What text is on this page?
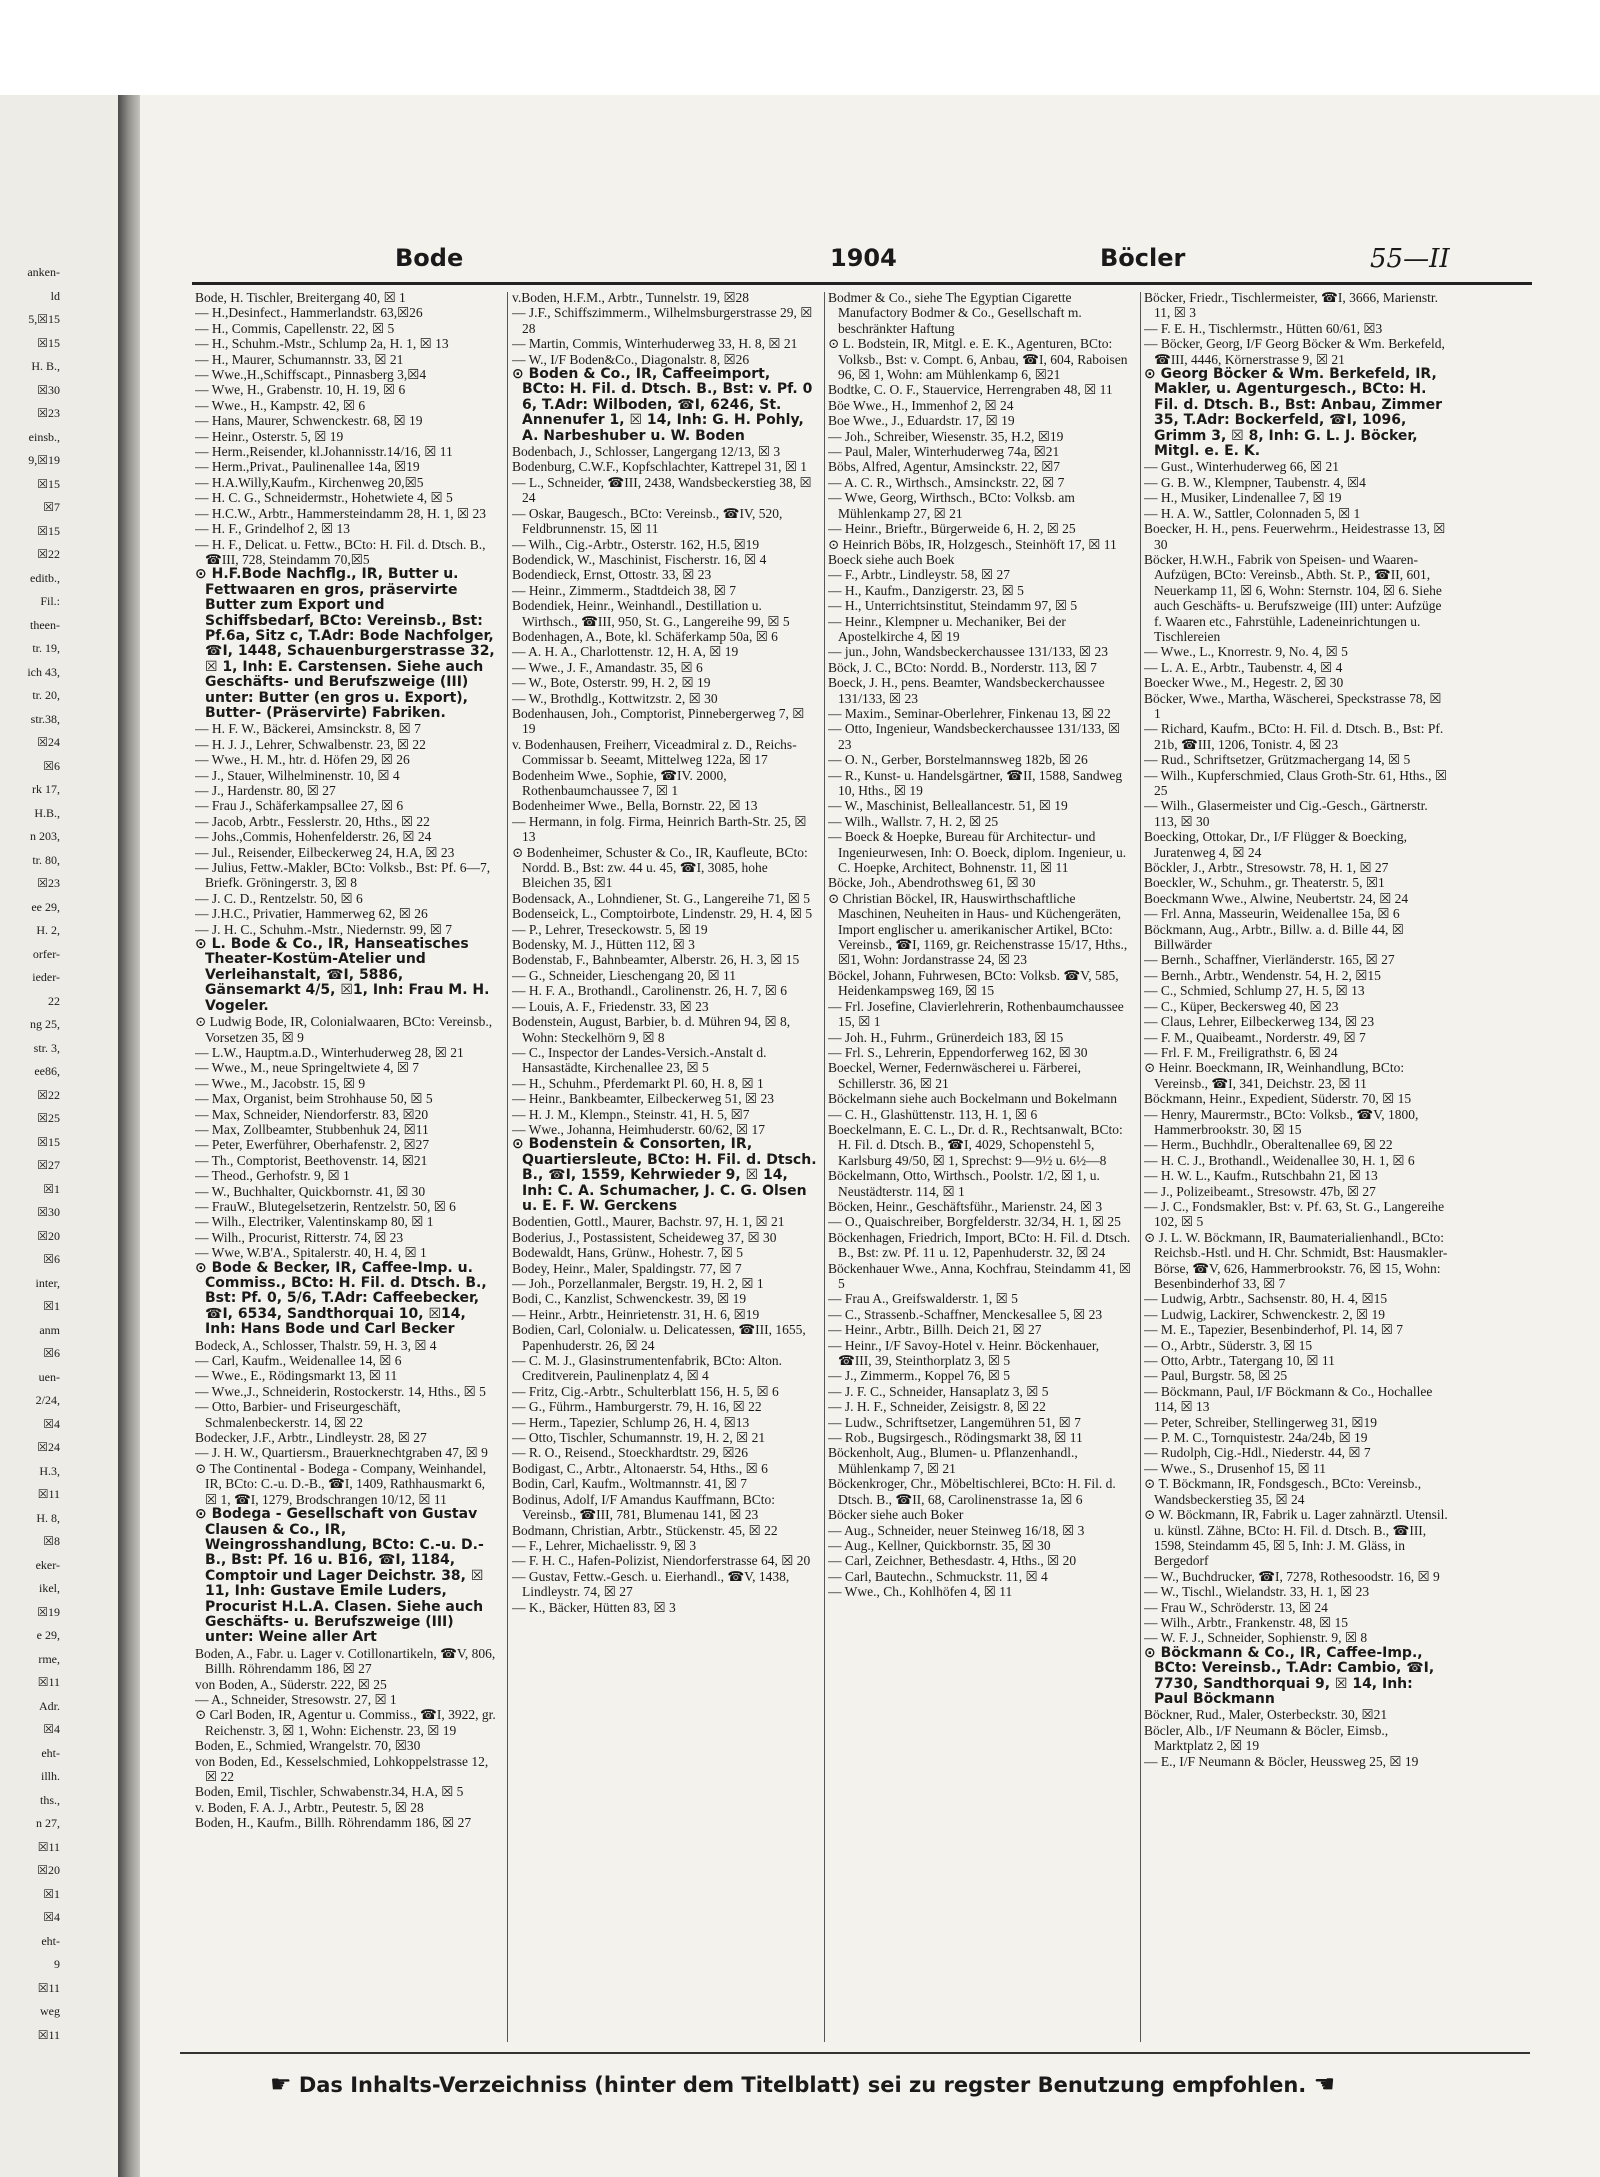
anken-
ld
5,☒15
☒15
H. B.,
☒30
☒23
einsb.,
9,☒19
☒15
☒7
☒15
☒22
editb.,
Fil.:
theen-
tr. 19,
ich 43,
tr. 20,
str.38,
☒24
☒6
rk 17,
H.B.,
n 203,
tr. 80,
☒23
ee 29,
H. 2,
orfer-
ieder-
22
ng 25,
str. 3,
ee86,
☒22
☒25
☒15
☒27
☒1
☒30
☒20
☒6
inter,
☒1
anm
☒6
uen-
2/24,
☒4
☒24
H.3,
☒11
H. 8,
☒8
eker-
ikel,
☒19
e 29,
rme,
☒11
Adr.
☒4
eht-
illh.
ths.,
n 27,
☒11
☒20
☒1
☒4
eht-
9
☒11
weg
☒11
Bode	1904	Böcler	55—II

Bode, H. Tischler, Breitergang 40, ☒ 1

— H.,Desinfect., Hammerlandstr. 63,☒26

— H., Commis, Capellenstr. 22, ☒ 5

— H., Schuhm.-Mstr., Schlump 2a, H. 1, ☒ 13

— H., Maurer, Schumannstr. 33, ☒ 21

— Wwe.,H.,Schiffscapt., Pinnasberg 3,☒4

— Wwe, H., Grabenstr. 10, H. 19, ☒ 6

— Wwe., H., Kampstr. 42, ☒ 6

— Hans, Maurer, Schwenckestr. 68, ☒ 19

— Heinr., Osterstr. 5, ☒ 19

— Herm.,Reisender, kl.Johannisstr.14/16, ☒ 11

— Herm.,Privat., Paulinenallee 14a, ☒19

— H.A.Willy,Kaufm., Kirchenweg 20,☒5

— H. C. G., Schneidermstr., Hohetwiete 4, ☒ 5

— H.C.W., Arbtr., Hammersteindamm 28, H. 1, ☒ 23

— H. F., Grindelhof 2, ☒ 13

— H. F., Delicat. u. Fettw., BCto: H. Fil. d. Dtsch. B., ☎III, 728, Steindamm 70,☒5

⊙ H.F.Bode Nachflg., IR, Butter u. Fettwaaren en gros, präservirte Butter zum Export und Schiffsbedarf, BCto: Vereinsb., Bst: Pf.6a, Sitz c, T.Adr: Bode Nachfolger, ☎I, 1448, Schauenburgerstrasse 32, ☒ 1, Inh: E. Carstensen. Siehe auch Geschäfts- und Berufszweige (III) unter: Butter (en gros u. Export), Butter- (Präservirte) Fabriken.

— H. F. W., Bäckerei, Amsinckstr. 8, ☒ 7

— H. J. J., Lehrer, Schwalbenstr. 23, ☒ 22

— Wwe., H. M., htr. d. Höfen 29, ☒ 26

— J., Stauer, Wilhelminenstr. 10, ☒ 4

— J., Hardenstr. 80, ☒ 27

— Frau J., Schäferkampsallee 27, ☒ 6

— Jacob, Arbtr., Fesslerstr. 20, Hths., ☒ 22

— Johs.,Commis, Hohenfelderstr. 26, ☒ 24

— Jul., Reisender, Eilbeckerweg 24, H.A, ☒ 23

— Julius, Fettw.-Makler, BCto: Volksb., Bst: Pf. 6—7, Briefk. Gröningerstr. 3, ☒ 8

— J. C. D., Rentzelstr. 50, ☒ 6

— J.H.C., Privatier, Hammerweg 62, ☒ 26

— J. H. C., Schuhm.-Mstr., Niedernstr. 99, ☒ 7

⊙ L. Bode & Co., IR, Hanseatisches Theater-Kostüm-Atelier und Verleihanstalt, ☎I, 5886, Gänsemarkt 4/5, ☒1, Inh: Frau M. H. Vogeler.

⊙ Ludwig Bode, IR, Colonialwaaren, BCto: Vereinsb., Vorsetzen 35, ☒ 9

— L.W., Hauptm.a.D., Winterhuderweg 28, ☒ 21

— Wwe., M., neue Springeltwiete 4, ☒ 7

— Wwe., M., Jacobstr. 15, ☒ 9

— Max, Organist, beim Strohhause 50, ☒ 5

— Max, Schneider, Niendorferstr. 83, ☒20

— Max, Zollbeamter, Stubbenhuk 24, ☒11

— Peter, Ewerführer, Oberhafenstr. 2, ☒27

— Th., Comptorist, Beethovenstr. 14, ☒21

— Theod., Gerhofstr. 9, ☒ 1

— W., Buchhalter, Quickbornstr. 41, ☒ 30

— FrauW., Blutegelsetzerin, Rentzelstr. 50, ☒ 6

— Wilh., Electriker, Valentinskamp 80, ☒ 1

— Wilh., Procurist, Ritterstr. 74, ☒ 23

— Wwe, W.B'A., Spitalerstr. 40, H. 4, ☒ 1

⊙ Bode & Becker, IR, Caffee-Imp. u. Commiss., BCto: H. Fil. d. Dtsch. B., Bst: Pf. 0, 5/6, T.Adr: Caffeebecker, ☎I, 6534, Sandthorquai 10, ☒14, Inh: Hans Bode und Carl Becker

Bodeck, A., Schlosser, Thalstr. 59, H. 3, ☒ 4

— Carl, Kaufm., Weidenallee 14, ☒ 6

— Wwe., E., Rödingsmarkt 13, ☒ 11

— Wwe.,J., Schneiderin, Rostockerstr. 14, Hths., ☒ 5

— Otto, Barbier- und Friseurgeschäft, Schmalenbeckerstr. 14, ☒ 22

Bodecker, J.F., Arbtr., Lindleystr. 28, ☒ 27

— J. H. W., Quartiersm., Brauerknechtgraben 47, ☒ 9

⊙ The Continental - Bodega - Company, Weinhandel, IR, BCto: C.-u. D.-B., ☎I, 1409, Rathhausmarkt 6, ☒ 1, ☎I, 1279, Brodschrangen 10/12, ☒ 11

⊙ Bodega - Gesellschaft von Gustav Clausen & Co., IR, Weingrosshandlung, BCto: C.-u. D.-B., Bst: Pf. 16 u. B16, ☎I, 1184, Comptoir und Lager Deichstr. 38, ☒ 11, Inh: Gustave Emile Luders, Procurist H.L.A. Clasen. Siehe auch Geschäfts- u. Berufszweige (III) unter: Weine aller Art

Boden, A., Fabr. u. Lager v. Cotillonartikeln, ☎V, 806, Billh. Röhrendamm 186, ☒ 27

von Boden, A., Süderstr. 222, ☒ 25

— A., Schneider, Stresowstr. 27, ☒ 1

⊙ Carl Boden, IR, Agentur u. Commiss., ☎I, 3922, gr. Reichenstr. 3, ☒ 1, Wohn: Eichenstr. 23, ☒ 19

Boden, E., Schmied, Wrangelstr. 70, ☒30

von Boden, Ed., Kesselschmied, Lohkoppelstrasse 12, ☒ 22

Boden, Emil, Tischler, Schwabenstr.34, H.A, ☒ 5

v. Boden, F. A. J., Arbtr., Peutestr. 5, ☒ 28

Boden, H., Kaufm., Billh. Röhrendamm 186, ☒ 27

v.Boden, H.F.M., Arbtr., Tunnelstr. 19, ☒28

— J.F., Schiffszimmerm., Wilhelmsburgerstrasse 29, ☒ 28

— Martin, Commis, Winterhuderweg 33, H. 8, ☒ 21

— W., I/F Boden&Co., Diagonalstr. 8, ☒26

⊙ Boden & Co., IR, Caffeeimport, BCto: H. Fil. d. Dtsch. B., Bst: v. Pf. 0 6, T.Adr: Wilboden, ☎I, 6246, St. Annenufer 1, ☒ 14, Inh: G. H. Pohly, A. Narbeshuber u. W. Boden

Bodenbach, J., Schlosser, Langergang 12/13, ☒ 3

Bodenburg, C.W.F., Kopfschlachter, Kattrepel 31, ☒ 1

— L., Schneider, ☎III, 2438, Wandsbeckerstieg 38, ☒ 24

— Oskar, Baugesch., BCto: Vereinsb., ☎IV, 520, Feldbrunnenstr. 15, ☒ 11

— Wilh., Cig.-Arbtr., Osterstr. 162, H.5, ☒19

Bodendick, W., Maschinist, Fischerstr. 16, ☒ 4

Bodendieck, Ernst, Ottostr. 33, ☒ 23

— Heinr., Zimmerm., Stadtdeich 38, ☒ 7

Bodendiek, Heinr., Weinhandl., Destillation u. Wirthsch., ☎III, 950, St. G., Langereihe 99, ☒ 5

Bodenhagen, A., Bote, kl. Schäferkamp 50a, ☒ 6

— A. H. A., Charlottenstr. 12, H. A, ☒ 19

— Wwe., J. F., Amandastr. 35, ☒ 6

— W., Bote, Osterstr. 99, H. 2, ☒ 19

— W., Brothdlg., Kottwitzstr. 2, ☒ 30

Bodenhausen, Joh., Comptorist, Pinnebergerweg 7, ☒ 19

v. Bodenhausen, Freiherr, Viceadmiral z. D., Reichs-Commissar b. Seeamt, Mittelweg 122a, ☒ 17

Bodenheim Wwe., Sophie, ☎IV. 2000, Rothenbaumchaussee 7, ☒ 1

Bodenheimer Wwe., Bella, Bornstr. 22, ☒ 13

— Hermann, in folg. Firma, Heinrich Barth-Str. 25, ☒ 13

⊙ Bodenheimer, Schuster & Co., IR, Kaufleute, BCto: Nordd. B., Bst: zw. 44 u. 45, ☎I, 3085, hohe Bleichen 35, ☒1

Bodensack, A., Lohndiener, St. G., Langereihe 71, ☒ 5

Bodenseick, L., Comptoirbote, Lindenstr. 29, H. 4, ☒ 5

— P., Lehrer, Treseckowstr. 5, ☒ 19

Bodensky, M. J., Hütten 112, ☒ 3

Bodenstab, F., Bahnbeamter, Alberstr. 26, H. 3, ☒ 15

— G., Schneider, Lieschengang 20, ☒ 11

— H. F. A., Brothandl., Carolinenstr. 26, H. 7, ☒ 6

— Louis, A. F., Friedenstr. 33, ☒ 23

Bodenstein, August, Barbier, b. d. Mühren 94, ☒ 8, Wohn: Steckelhörn 9, ☒ 8

— C., Inspector der Landes-Versich.-Anstalt d. Hansastädte, Kirchenallee 23, ☒ 5

— H., Schuhm., Pferdemarkt Pl. 60, H. 8, ☒ 1

— Heinr., Bankbeamter, Eilbeckerweg 51, ☒ 23

— H. J. M., Klempn., Steinstr. 41, H. 5, ☒7

— Wwe., Johanna, Heimhuderstr. 60/62, ☒ 17

⊙ Bodenstein & Consorten, IR, Quartiersleute, BCto: H. Fil. d. Dtsch. B., ☎I, 1559, Kehrwieder 9, ☒ 14, Inh: C. A. Schumacher, J. C. G. Olsen u. E. F. W. Gerckens

Bodentien, Gottl., Maurer, Bachstr. 97, H. 1, ☒ 21

Boderius, J., Postassistent, Scheideweg 37, ☒ 30

Bodewaldt, Hans, Grünw., Hohestr. 7, ☒ 5

Bodey, Heinr., Maler, Spaldingstr. 77, ☒ 7

— Joh., Porzellanmaler, Bergstr. 19, H. 2, ☒ 1

Bodi, C., Kanzlist, Schwenckestr. 39, ☒ 19

— Heinr., Arbtr., Heinrietenstr. 31, H. 6, ☒19

Bodien, Carl, Colonialw. u. Delicatessen, ☎III, 1655, Papenhuderstr. 26, ☒ 24

— C. M. J., Glasinstrumentenfabrik, BCto: Alton. Creditverein, Paulinenplatz 4, ☒ 4

— Fritz, Cig.-Arbtr., Schulterblatt 156, H. 5, ☒ 6

— G., Führm., Hamburgerstr. 79, H. 16, ☒ 22

— Herm., Tapezier, Schlump 26, H. 4, ☒13

— Otto, Tischler, Schumannstr. 19, H. 2, ☒ 21

— R. O., Reisend., Stoeckhardtstr. 29, ☒26

Bodigast, C., Arbtr., Altonaerstr. 54, Hths., ☒ 6

Bodin, Carl, Kaufm., Woltmannstr. 41, ☒ 7

Bodinus, Adolf, I/F Amandus Kauffmann, BCto: Vereinsb., ☎III, 781, Blumenau 141, ☒ 23

Bodmann, Christian, Arbtr., Stückenstr. 45, ☒ 22

— F., Lehrer, Michaelisstr. 9, ☒ 3

— F. H. C., Hafen-Polizist, Niendorferstrasse 64, ☒ 20

— Gustav, Fettw.-Gesch. u. Eierhandl., ☎V, 1438, Lindleystr. 74, ☒ 27

— K., Bäcker, Hütten 83, ☒ 3

Bodmer & Co., siehe The Egyptian Cigarette Manufactory Bodmer & Co., Gesellschaft m. beschränkter Haftung

⊙ L. Bodstein, IR, Mitgl. e. E. K., Agenturen, BCto: Volksb., Bst: v. Compt. 6, Anbau, ☎I, 604, Raboisen 96, ☒ 1, Wohn: am Mühlenkamp 6, ☒21

Bodtke, C. O. F., Stauervice, Herrengraben 48, ☒ 11

Böe Wwe., H., Immenhof 2, ☒ 24

Boe Wwe., J., Eduardstr. 17, ☒ 19

— Joh., Schreiber, Wiesenstr. 35, H.2, ☒19

— Paul, Maler, Winterhuderweg 74a, ☒21

Böbs, Alfred, Agentur, Amsinckstr. 22, ☒7

— A. C. R., Wirthsch., Amsinckstr. 22, ☒ 7

— Wwe, Georg, Wirthsch., BCto: Volksb. am Mühlenkamp 27, ☒ 21

— Heinr., Brieftr., Bürgerweide 6, H. 2, ☒ 25

⊙ Heinrich Böbs, IR, Holzgesch., Steinhöft 17, ☒ 11

Boeck siehe auch Boek

— F., Arbtr., Lindleystr. 58, ☒ 27

— H., Kaufm., Danzigerstr. 23, ☒ 5

— H., Unterrichtsinstitut, Steindamm 97, ☒ 5

— Heinr., Klempner u. Mechaniker, Bei der Apostelkirche 4, ☒ 19

— jun., John, Wandsbeckerchaussee 131/133, ☒ 23

Böck, J. C., BCto: Nordd. B., Norderstr. 113, ☒ 7

Boeck, J. H., pens. Beamter, Wandsbeckerchaussee 131/133, ☒ 23

— Maxim., Seminar-Oberlehrer, Finkenau 13, ☒ 22

— Otto, Ingenieur, Wandsbeckerchaussee 131/133, ☒ 23

— O. N., Gerber, Borstelmannsweg 182b, ☒ 26

— R., Kunst- u. Handelsgärtner, ☎II, 1588, Sandweg 10, Hths., ☒ 19

— W., Maschinist, Belleallancestr. 51, ☒ 19

— Wilh., Wallstr. 7, H. 2, ☒ 25

— Boeck & Hoepke, Bureau für Architectur- und Ingenieurwesen, Inh: O. Boeck, diplom. Ingenieur, u. C. Hoepke, Architect, Bohnenstr. 11, ☒ 11

Böcke, Joh., Abendrothsweg 61, ☒ 30

⊙ Christian Böckel, IR, Hauswirthschaftliche Maschinen, Neuheiten in Haus- und Küchengeräten, Import englischer u. amerikanischer Artikel, BCto: Vereinsb., ☎I, 1169, gr. Reichenstrasse 15/17, Hths., ☒1, Wohn: Jordanstrasse 24, ☒ 23

Böckel, Johann, Fuhrwesen, BCto: Volksb. ☎V, 585, Heidenkampsweg 169, ☒ 15

— Frl. Josefine, Clavierlehrerin, Rothenbaumchaussee 15, ☒ 1

— Joh. H., Fuhrm., Grünerdeich 183, ☒ 15

— Frl. S., Lehrerin, Eppendorferweg 162, ☒ 30

Boeckel, Werner, Federnwäscherei u. Färberei, Schillerstr. 36, ☒ 21

Böckelmann siehe auch Bockelmann und Bokelmann

— C. H., Glashüttenstr. 113, H. 1, ☒ 6

Boeckelmann, E. C. L., Dr. d. R., Rechtsanwalt, BCto: H. Fil. d. Dtsch. B., ☎I, 4029, Schopenstehl 5, Karlsburg 49/50, ☒ 1, Sprechst: 9—9½ u. 6½—8

Böckelmann, Otto, Wirthsch., Poolstr. 1/2, ☒ 1, u. Neustädterstr. 114, ☒ 1

Böcken, Heinr., Geschäftsführ., Marienstr. 24, ☒ 3

— O., Quaischreiber, Borgfelderstr. 32/34, H. 1, ☒ 25

Böckenhagen, Friedrich, Import, BCto: H. Fil. d. Dtsch. B., Bst: zw. Pf. 11 u. 12, Papenhuderstr. 32, ☒ 24

Böckenhauer Wwe., Anna, Kochfrau, Steindamm 41, ☒ 5

— Frau A., Greifswalderstr. 1, ☒ 5

— C., Strassenb.-Schaffner, Menckesallee 5, ☒ 23

— Heinr., Arbtr., Billh. Deich 21, ☒ 27

— Heinr., I/F Savoy-Hotel v. Heinr. Böckenhauer, ☎III, 39, Steinthorplatz 3, ☒ 5

— J., Zimmerm., Koppel 76, ☒ 5

— J. F. C., Schneider, Hansaplatz 3, ☒ 5

— J. H. F., Schneider, Zeisigstr. 8, ☒ 22

— Ludw., Schriftsetzer, Langemühren 51, ☒ 7

— Rob., Bugsirgesch., Rödingsmarkt 38, ☒ 11

Böckenholt, Aug., Blumen- u. Pflanzenhandl., Mühlenkamp 7, ☒ 21

Böckenkroger, Chr., Möbeltischlerei, BCto: H. Fil. d. Dtsch. B., ☎II, 68, Carolinenstrasse 1a, ☒ 6

Böcker siehe auch Boker

— Aug., Schneider, neuer Steinweg 16/18, ☒ 3

— Aug., Kellner, Quickbornstr. 35, ☒ 30

— Carl, Zeichner, Bethesdastr. 4, Hths., ☒ 20

— Carl, Bautechn., Schmuckstr. 11, ☒ 4

— Wwe., Ch., Kohlhöfen 4, ☒ 11

Böcker, Friedr., Tischlermeister, ☎I, 3666, Marienstr. 11, ☒ 3

— F. E. H., Tischlermstr., Hütten 60/61, ☒3

— Böcker, Georg, I/F Georg Böcker & Wm. Berkefeld, ☎III, 4446, Körnerstrasse 9, ☒ 21

⊙ Georg Böcker & Wm. Berkefeld, IR, Makler, u. Agenturgesch., BCto: H. Fil. d. Dtsch. B., Bst: Anbau, Zimmer 35, T.Adr: Bockerfeld, ☎I, 1096, Grimm 3, ☒ 8, Inh: G. L. J. Böcker, Mitgl. e. E. K.

— Gust., Winterhuderweg 66, ☒ 21

— G. B. W., Klempner, Taubenstr. 4, ☒4

— H., Musiker, Lindenallee 7, ☒ 19

— H. A. W., Sattler, Colonnaden 5, ☒ 1

Boecker, H. H., pens. Feuerwehrm., Heidestrasse 13, ☒ 30

Böcker, H.W.H., Fabrik von Speisen- und Waaren-Aufzügen, BCto: Vereinsb., Abth. St. P., ☎II, 601, Neuerkamp 11, ☒ 6, Wohn: Sternstr. 104, ☒ 6. Siehe auch Geschäfts- u. Berufszweige (III) unter: Aufzüge f. Waaren etc., Fahrstühle, Ladeneinrichtungen u. Tischlereien

— Wwe., L., Knorrestr. 9, No. 4, ☒ 5

— L. A. E., Arbtr., Taubenstr. 4, ☒ 4

Boecker Wwe., M., Hegestr. 2, ☒ 30

Böcker, Wwe., Martha, Wäscherei, Speckstrasse 78, ☒ 1

— Richard, Kaufm., BCto: H. Fil. d. Dtsch. B., Bst: Pf. 21b, ☎III, 1206, Tonistr. 4, ☒ 23

— Rud., Schriftsetzer, Grützmachergang 14, ☒ 5

— Wilh., Kupferschmied, Claus Groth-Str. 61, Hths., ☒ 25

— Wilh., Glasermeister und Cig.-Gesch., Gärtnerstr. 113, ☒ 30

Boecking, Ottokar, Dr., I/F Flügger & Boecking, Juratenweg 4, ☒ 24

Böckler, J., Arbtr., Stresowstr. 78, H. 1, ☒ 27

Boeckler, W., Schuhm., gr. Theaterstr. 5, ☒1

Boeckmann Wwe., Alwine, Neubertstr. 24, ☒ 24

— Frl. Anna, Masseurin, Weidenallee 15a, ☒ 6

Böckmann, Aug., Arbtr., Billw. a. d. Bille 44, ☒ Billwärder

— Bernh., Schaffner, Vierländerstr. 165, ☒ 27

— Bernh., Arbtr., Wendenstr. 54, H. 2, ☒15

— C., Schmied, Schlump 27, H. 5, ☒ 13

— C., Küper, Beckersweg 40, ☒ 23

— Claus, Lehrer, Eilbeckerweg 134, ☒ 23

— F. M., Quaibeamt., Norderstr. 49, ☒ 7

— Frl. F. M., Freiligrathstr. 6, ☒ 24

⊙ Heinr. Boeckmann, IR, Weinhandlung, BCto: Vereinsb., ☎I, 341, Deichstr. 23, ☒ 11

Böckmann, Heinr., Expedient, Süderstr. 70, ☒ 15

— Henry, Maurermstr., BCto: Volksb., ☎V, 1800, Hammerbrookstr. 30, ☒ 15

— Herm., Buchhdlr., Oberaltenallee 69, ☒ 22

— H. C. J., Brothandl., Weidenallee 30, H. 1, ☒ 6

— H. W. L., Kaufm., Rutschbahn 21, ☒ 13

— J., Polizeibeamt., Stresowstr. 47b, ☒ 27

— J. C., Fondsmakler, Bst: v. Pf. 63, St. G., Langereihe 102, ☒ 5

⊙ J. L. W. Böckmann, IR, Baumaterialienhandl., BCto: Reichsb.-Hstl. und H. Chr. Schmidt, Bst: Hausmakler-Börse, ☎V, 626, Hammerbrookstr. 76, ☒ 15, Wohn: Besenbinderhof 33, ☒ 7

— Ludwig, Arbtr., Sachsenstr. 80, H. 4, ☒15

— Ludwig, Lackirer, Schwenckestr. 2, ☒ 19

— M. E., Tapezier, Besenbinderhof, Pl. 14, ☒ 7

— O., Arbtr., Süderstr. 3, ☒ 15

— Otto, Arbtr., Tatergang 10, ☒ 11

— Paul, Burgstr. 58, ☒ 25

— Böckmann, Paul, I/F Böckmann & Co., Hochallee 114, ☒ 13

— Peter, Schreiber, Stellingerweg 31, ☒19

— P. M. C., Tornquistestr. 24a/24b, ☒ 19

— Rudolph, Cig.-Hdl., Niederstr. 44, ☒ 7

— Wwe., S., Drusenhof 15, ☒ 11

⊙ T. Böckmann, IR, Fondsgesch., BCto: Vereinsb., Wandsbeckerstieg 35, ☒ 24

⊙ W. Böckmann, IR, Fabrik u. Lager zahnärztl. Utensil. u. künstl. Zähne, BCto: H. Fil. d. Dtsch. B., ☎III, 1598, Steindamm 45, ☒ 5, Inh: J. M. Gläss, in Bergedorf

— W., Buchdrucker, ☎I, 7278, Rothesoodstr. 16, ☒ 9

— W., Tischl., Wielandstr. 33, H. 1, ☒ 23

— Frau W., Schröderstr. 13, ☒ 24

— Wilh., Arbtr., Frankenstr. 48, ☒ 15

— W. F. J., Schneider, Sophienstr. 9, ☒ 8

⊙ Böckmann & Co., IR, Caffee-Imp., BCto: Vereinsb., T.Adr: Cambio, ☎I, 7730, Sandthorquai 9, ☒ 14, Inh: Paul Böckmann

Böckner, Rud., Maler, Osterbeckstr. 30, ☒21

Böcler, Alb., I/F Neumann & Böcler, Eimsb., Marktplatz 2, ☒ 19

— E., I/F Neumann & Böcler, Heussweg 25, ☒ 19

☛ Das Inhalts-Verzeichniss (hinter dem Titelblatt) sei zu regster Benutzung empfohlen. ☚
